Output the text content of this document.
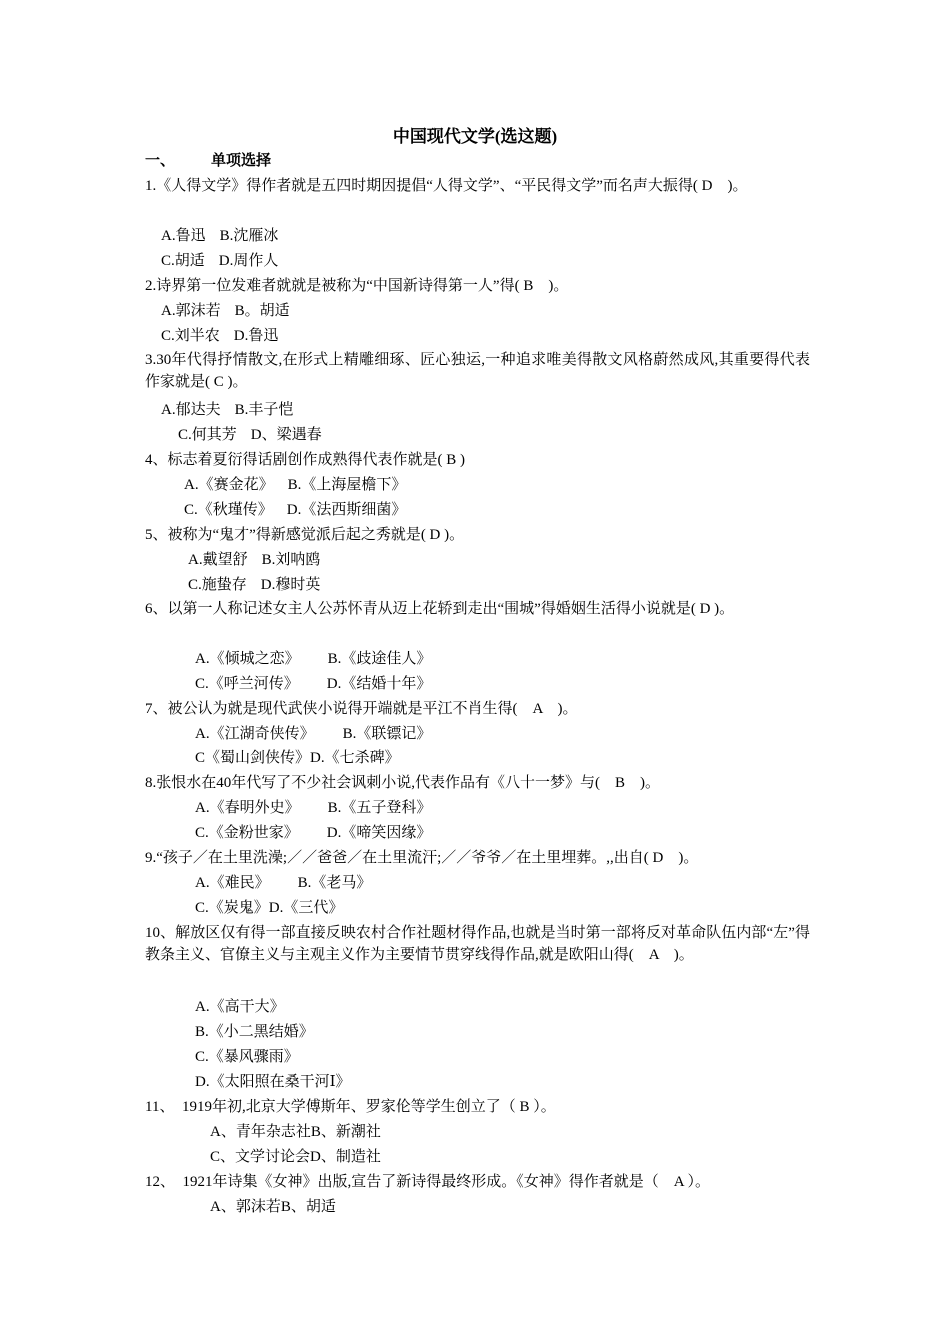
中国现代文学(选这题)
一、 单项选择
1.《人得文学》得作者就是五四时期因提倡“人得文学”、“平民得文学”而名声大振得( D　)。
A.鲁迅 B.沈雁冰
C.胡适 D.周作人
2.诗界第一位发难者就就是被称为“中国新诗得第一人”得( B　)。
A.郭沫若 B。胡适
C.刘半农 D.鲁迅
3.30年代得抒情散文,在形式上精雕细琢、匠心独运,一种追求唯美得散文风格蔚然成风,其重要得代表作家就是( C )。
A.郁达夫 B.丰子恺
C.何其芳 D、梁遇春
4、标志着夏衍得话剧创作成熟得代表作就是( B )
A.《赛金花》 B.《上海屋檐下》
C.《秋瑾传》 D.《法西斯细菌》
5、被称为“鬼才”得新感觉派后起之秀就是( D )。
A.戴望舒 B.刘呐鸥
C.施蛰存 D.穆时英
6、以第一人称记述女主人公苏怀青从迈上花轿到走出“围城”得婚姻生活得小说就是( D )。
A.《倾城之恋》 B.《歧途佳人》
C.《呼兰河传》 D.《结婚十年》
7、被公认为就是现代武侠小说得开端就是平江不肖生得(　A　)。
A.《江湖奇侠传》 B.《联镖记》
C《蜀山剑侠传》D.《七杀碑》
8.张恨水在40年代写了不少社会讽刺小说,代表作品有《八十一梦》与(　B　)。
A.《春明外史》 B.《五子登科》
C.《金粉世家》 D.《啼笑因缘》
9.“孩子／在土里洗澡;／／爸爸／在土里流汗;／／爷爷／在土里埋葬。,,出自( D　)。
A.《难民》 B.《老马》
C.《炭鬼》D.《三代》
10、解放区仅有得一部直接反映农村合作社题材得作品,也就是当时第一部将反对革命队伍内部“左”得教条主义、官僚主义与主观主义作为主要情节贯穿线得作品,就是欧阳山得(　A　)。
A.《高干大》
B.《小二黑结婚》
C.《暴风骤雨》
D.《太阳照在桑干河Ⅰ》
11、　1919年初,北京大学傅斯年、罗家伦等学生创立了（ B ）。
A、青年杂志社B、新潮社
C、文学讨论会D、制造社
12、　1921年诗集《女神》出版,宣告了新诗得最终形成。《女神》得作者就是（　A ）。
A、郭沫若B、胡适
